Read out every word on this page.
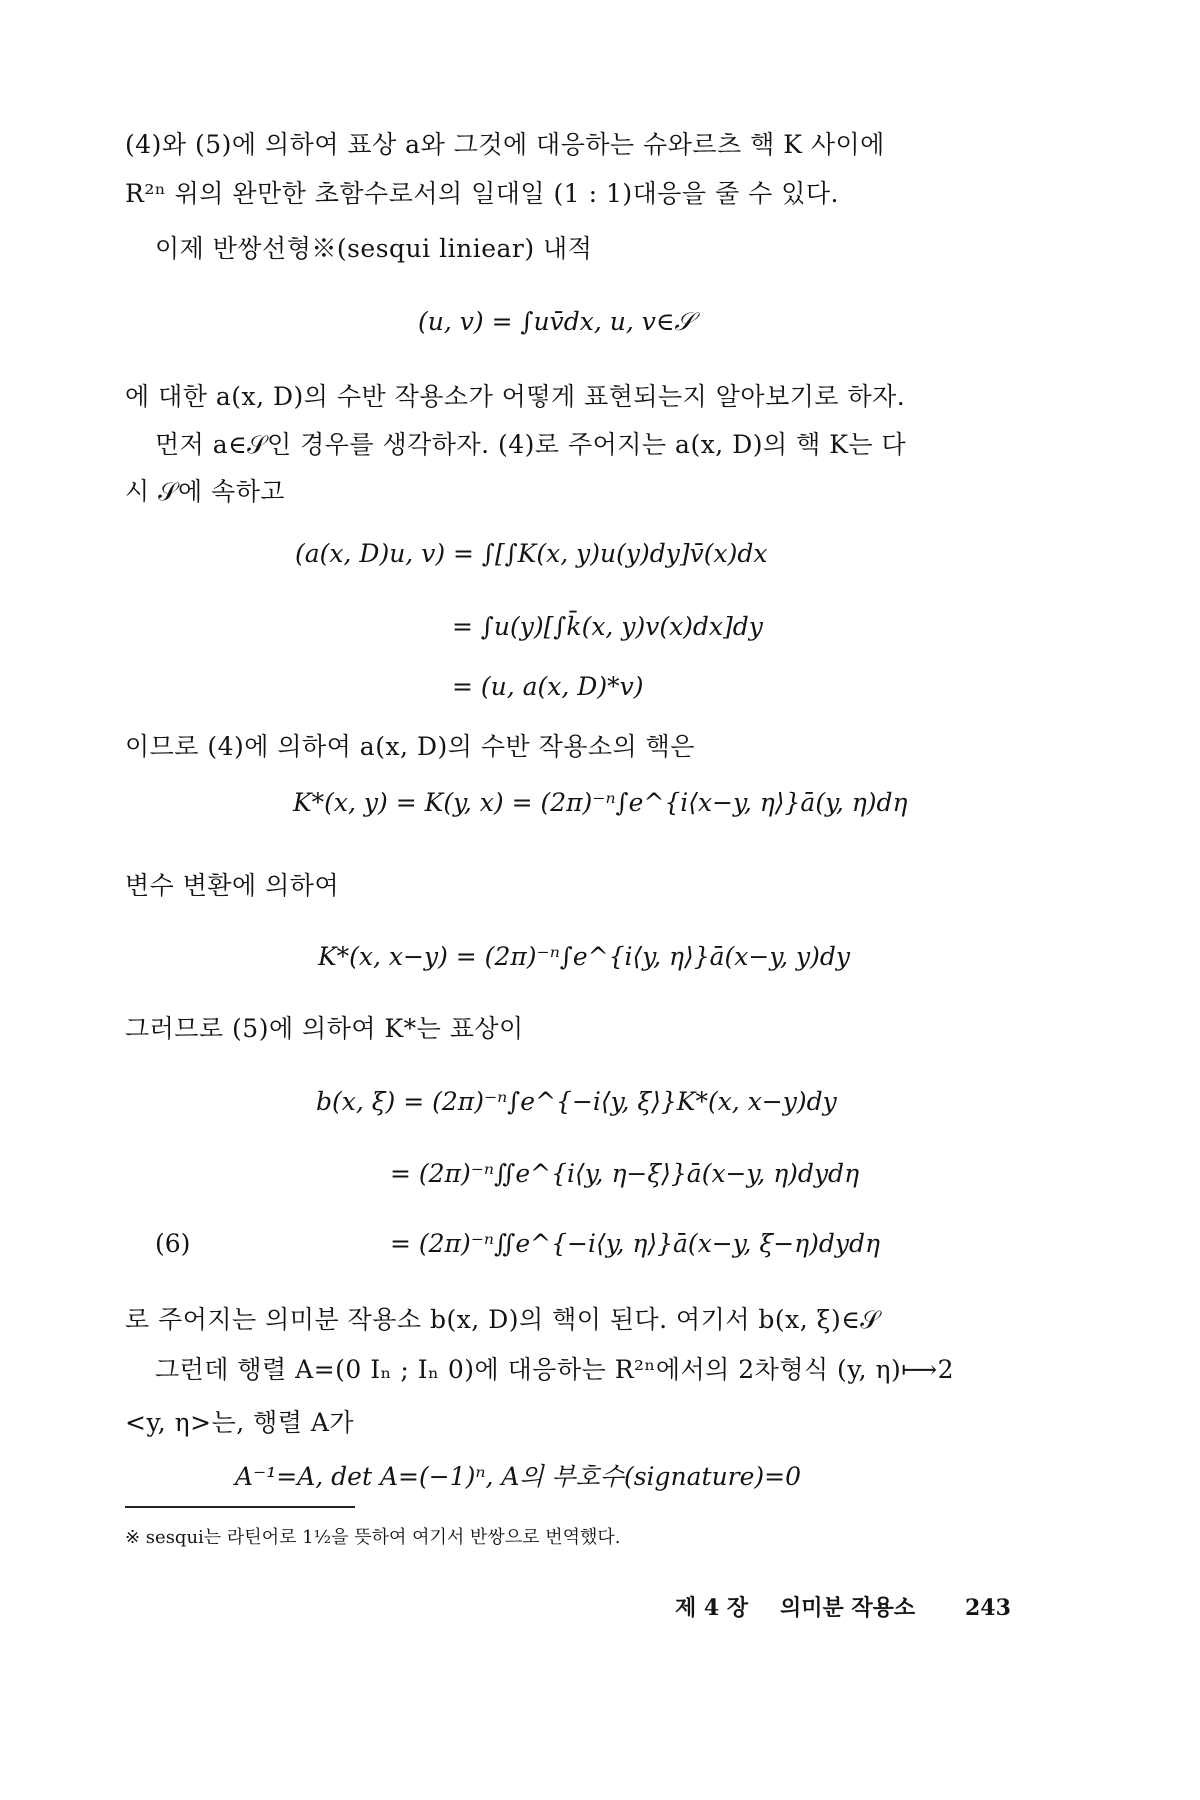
(4)와 (5)에 의하여 표상 a와 그것에 대응하는 슈와르츠 핵 K 사이에
R²ⁿ 위의 완만한 초함수로서의 일대일 (1 : 1)대응을 줄 수 있다.
이제 반쌍선형※(sesqui liniear) 내적
(u, v) = ∫uv̄dx, u, v∈𝒮
에 대한 a(x, D)의 수반 작용소가 어떻게 표현되는지 알아보기로 하자.
먼저 a∈𝒮인 경우를 생각하자. (4)로 주어지는 a(x, D)의 핵 K는 다
시 𝒮에 속하고
(a(x, D)u, v) = ∫[∫K(x, y)u(y)dy]v̄(x)dx
= ∫u(y)[∫k̄(x, y)v(x)dx]dy
= (u, a(x, D)*v)
이므로 (4)에 의하여 a(x, D)의 수반 작용소의 핵은
K*(x, y) = K(y, x) = (2π)⁻ⁿ∫e^{i⟨x−y, η⟩}ā(y, η)dη
변수 변환에 의하여
K*(x, x−y) = (2π)⁻ⁿ∫e^{i⟨y, η⟩}ā(x−y, y)dy
그러므로 (5)에 의하여 K*는 표상이
b(x, ξ) = (2π)⁻ⁿ∫e^{−i⟨y, ξ⟩}K*(x, x−y)dy
= (2π)⁻ⁿ∬e^{i⟨y, η−ξ⟩}ā(x−y, η)dydη
(6)	= (2π)⁻ⁿ∬e^{−i⟨y, η⟩}ā(x−y, ξ−η)dydη
로 주어지는 의미분 작용소 b(x, D)의 핵이 된다. 여기서 b(x, ξ)∈𝒮
그런데 행렬 A=(0 Iₙ ; Iₙ 0)에 대응하는 R²ⁿ에서의 2차형식 (y, η)⟼2
<y, η>는, 행렬 A가
A⁻¹=A, det A=(−1)ⁿ, A의 부호수(signature)=0
※ sesqui는 라틴어로 1½을 뜻하여 여기서 반쌍으로 번역했다.
제 4 장 의미분 작용소 243
